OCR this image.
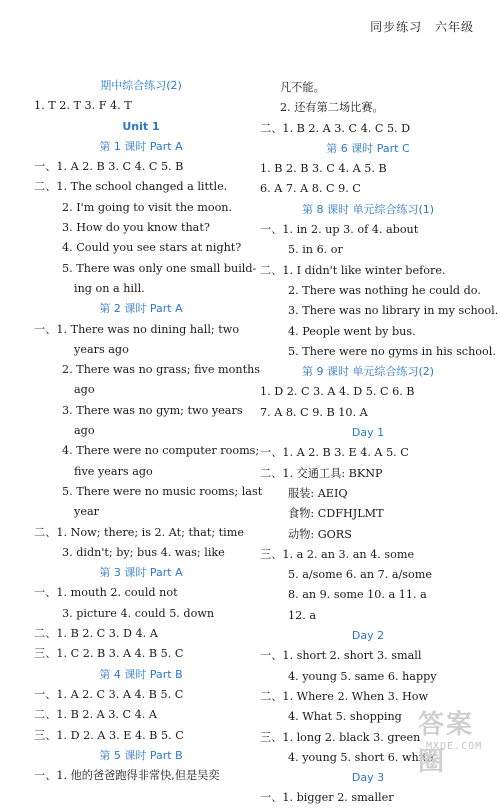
同步练习 六年级
期中综合练习(2)
1. T 2. T 3. F 4. T
Unit 1
第 1 课时 Part A
一、1. A 2. B 3. C 4. C 5. B
二、1. The school changed a little.
2. I'm going to visit the moon.
3. How do you know that?
4. Could you see stars at night?
5. There was only one small build-
ing on a hill.
第 2 课时 Part A
一、1. There was no dining hall; two
years ago
2. There was no grass; five months
ago
3. There was no gym; two years
ago
4. There were no computer rooms;
five years ago
5. There were no music rooms; last
year
二、1. Now; there; is 2. At; that; time
3. didn't; by; bus 4. was; like
第 3 课时 Part A
一、1. mouth 2. could not
3. picture 4. could 5. down
二、1. B 2. C 3. D 4. A
三、1. C 2. B 3. A 4. B 5. C
第 4 课时 Part B
一、1. A 2. C 3. A 4. B 5. C
二、1. B 2. A 3. C 4. A
三、1. D 2. A 3. E 4. B 5. C
第 5 课时 Part B
一、1. 他的爸爸跑得非常快,但是吴奕
凡不能。
2. 还有第二场比赛。
二、1. B 2. A 3. C 4. C 5. D
第 6 课时 Part C
1. B 2. B 3. C 4. A 5. B
6. A 7. A 8. C 9. C
第 8 课时 单元综合练习(1)
一、1. in 2. up 3. of 4. about
5. in 6. or
二、1. I didn't like winter before.
2. There was nothing he could do.
3. There was no library in my school.
4. People went by bus.
5. There were no gyms in his school.
第 9 课时 单元综合练习(2)
1. D 2. C 3. A 4. D 5. C 6. B
7. A 8. C 9. B 10. A
Day 1
一、1. A 2. B 3. E 4. A 5. C
二、1. 交通工具: BKNP
服装: AEIQ
食物: CDFHJLMT
动物: GORS
三、1. a 2. an 3. an 4. some
5. a/some 6. an 7. a/some
8. an 9. some 10. a 11. a
12. a
Day 2
一、1. short 2. short 3. small
4. young 5. same 6. happy
二、1. Where 2. When 3. How
4. What 5. shopping
三、1. long 2. black 3. green
4. young 5. short 6. white
Day 3
一、1. bigger 2. smaller
答案圈
MXQE.COM
